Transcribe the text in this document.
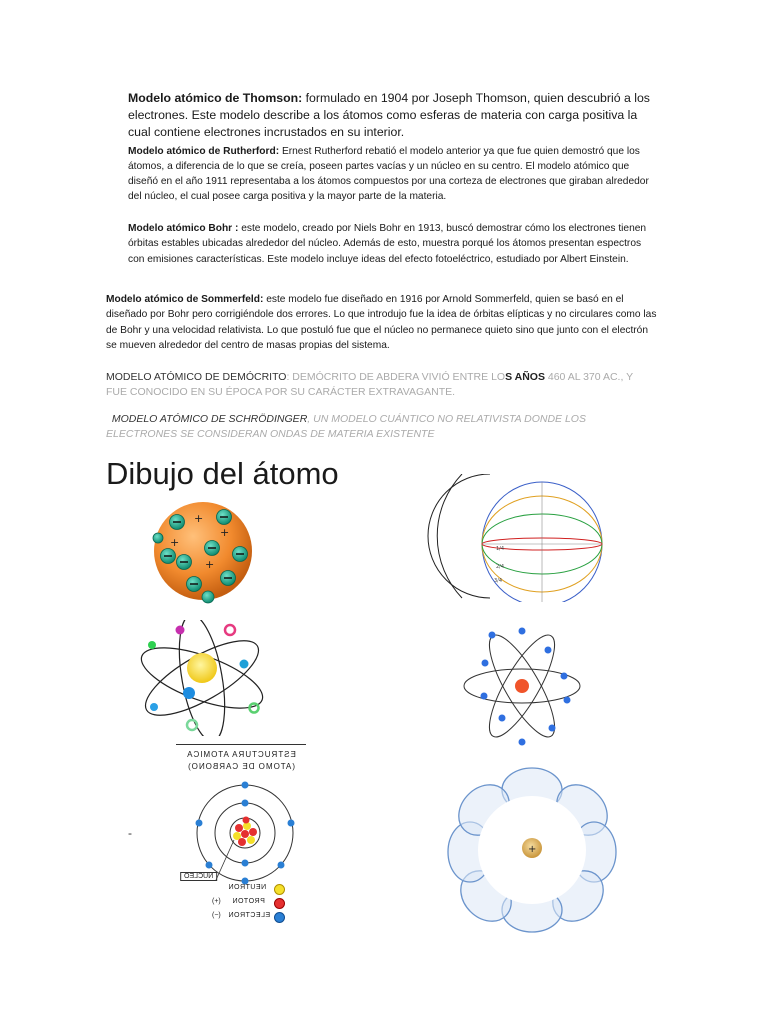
Modelo atómico de Thomson: formulado en 1904 por Joseph Thomson, quien descubrió a los electrones. Este modelo describe a los átomos como esferas de materia con carga positiva la cual contiene electrones incrustados en su interior.
Modelo atómico de Rutherford: Ernest Rutherford rebatió el modelo anterior ya que fue quien demostró que los átomos, a diferencia de lo que se creía, poseen partes vacías y un núcleo en su centro. El modelo atómico que diseñó en el año 1911 representaba a los átomos compuestos por una corteza de electrones que giraban alrededor del núcleo, el cual posee carga positiva y la mayor parte de la materia.
Modelo atómico Bohr : este modelo, creado por Niels Bohr en 1913, buscó demostrar cómo los electrones tienen órbitas estables ubicadas alrededor del núcleo. Además de esto, muestra porqué los átomos presentan espectros con emisiones características. Este modelo incluye ideas del efecto fotoeléctrico, estudiado por Albert Einstein.
Modelo atómico de Sommerfeld: este modelo fue diseñado en 1916 por Arnold Sommerfeld, quien se basó en el diseñado por Bohr pero corrigiéndole dos errores. Lo que introdujo fue la idea de órbitas elípticas y no circulares como las de Bohr y una velocidad relativista. Lo que postuló fue que el núcleo no permanece quieto sino que junto con el electrón se mueven alrededor del centro de masas propias del sistema.
MODELO ATÓMICO DE DEMÓCRITO: DEMÓCRITO DE ABDERA VIVIÓ ENTRE LOS AÑOS 460 AL 370 AC., Y FUE CONOCIDO EN SU ÉPOCA POR SU CARÁCTER EXTRAVAGANTE.
MODELO ATÓMICO DE SCHRÖDINGER, UN MODELO CUÁNTICO NO RELATIVISTA DONDE LOS ELECTRONES SE CONSIDERAN ONDAS DE MATERIA EXISTENTE
Dibujo del átomo
+
+
+
+
1/4
2/4
3/4
ESTRUCTURA ATOMICA
(ATOMO DE CARBONO)
NUCLEO
NEUTRON
(+) PROTON
(−) ELECTRON
+
-
